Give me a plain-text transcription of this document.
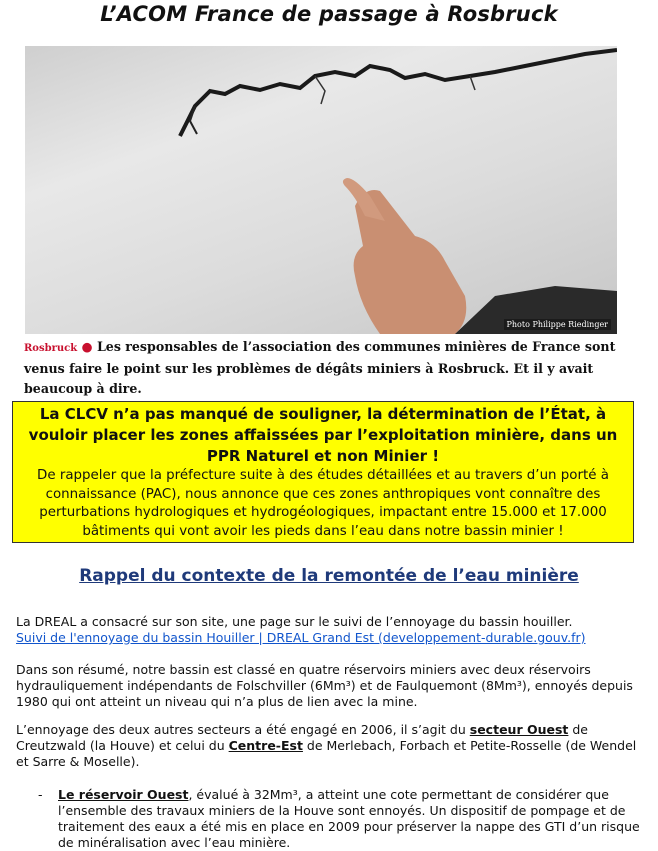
L’ACOM France de passage à Rosbruck
Photo Philippe Riedinger
Rosbruck ● Les responsables de l’association des communes minières de France sont venus faire le point sur les problèmes de dégâts miniers à Rosbruck. Et il y avait beaucoup à dire.
La CLCV n’a pas manqué de souligner, la détermination de l’État, à vouloir placer les zones affaissées par l’exploitation minière, dans un PPR Naturel et non Minier !
De rappeler que la préfecture suite à des études détaillées et au travers d’un porté à connaissance (PAC), nous annonce que ces zones anthropiques vont connaître des perturbations hydrologiques et hydrogéologiques, impactant entre 15.000 et 17.000 bâtiments qui vont avoir les pieds dans l’eau dans notre bassin minier !
Rappel du contexte de la remontée de l’eau minière
La DREAL a consacré sur son site, une page sur le suivi de l’ennoyage du bassin houiller.
Suivi de l'ennoyage du bassin Houiller | DREAL Grand Est (developpement-durable.gouv.fr)
Dans son résumé, notre bassin est classé en quatre réservoirs miniers avec deux réservoirs hydrauliquement indépendants de Folschviller (6Mm³) et de Faulquemont (8Mm³), ennoyés depuis 1980 qui ont atteint un niveau qui n’a plus de lien avec la mine.
L’ennoyage des deux autres secteurs a été engagé en 2006, il s’agit du secteur Ouest de Creutzwald (la Houve) et celui du Centre-Est de Merlebach, Forbach et Petite-Rosselle (de Wendel et Sarre & Moselle).
- Le réservoir Ouest, évalué à 32Mm³, a atteint une cote permettant de considérer que l’ensemble des travaux miniers de la Houve sont ennoyés. Un dispositif de pompage et de traitement des eaux a été mis en place en 2009 pour préserver la nappe des GTI d’un risque de minéralisation avec l’eau minière.
